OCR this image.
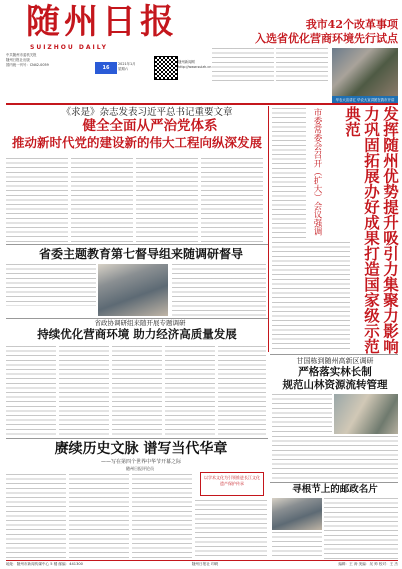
随州日报
SUIZHOU DAILY
中共随州市委机关报
随州日报社出版
国内统一刊号：CN42-0059	16
2021年1月
星期六
随州新闻网 http://www.suizh.cn
我市42个改革事项
入选省优化营商环境先行试点
华农大宣讲汇 华农大宣讲团在我市开讲
《求是》杂志发表习近平总书记重要文章
健全全面从严治党体系
推动新时代党的建设新的伟大工程向纵深发展	市委常委会召开（扩大）会议强调	发挥随州优势提升吸引力集聚力影响力巩固拓展办好成果打造国家级示范典范
省委主题教育第七督导组来随调研督导
省政协调研组来随开展专题调研
持续优化营商环境 助力经济高质量发展
甘国栋到随州高新区调研
严格落实林长制
规范山林资源流转管理
赓续历史文脉 谱写当代华章
——写在第四个世界中华节开幕之际
随州日报评论员
以学术文化为引领推进长江文化遗产保护传承
寻根节上的邮政名片
地址：随州市新闻传媒中心 5 楼 邮编：441300	随州日报社 印刷	编辑：王 涛 美编：吴 帅 校对：王 杰
